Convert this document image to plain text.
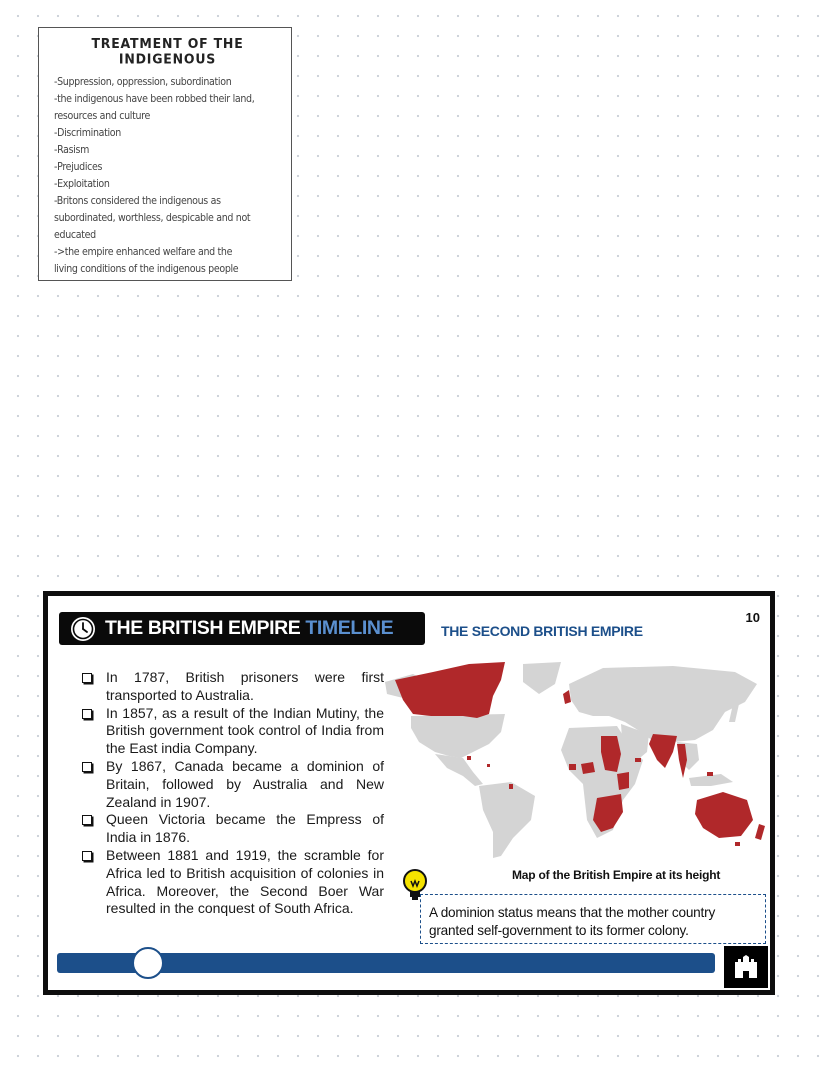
TREATMENT OF THE INDIGENOUS
-Suppression, oppression, subordination
-the indigenous have been robbed their land,
resources and culture
-Discrimination
-Rasism
-Prejudices
-Exploitation
-Britons considered the indigenous as
subordinated, worthless, despicable and not
educated
->the empire enhanced welfare and the
living conditions of the indigenous people
10
THE BRITISH EMPIRE TIMELINE	THE SECOND BRITISH EMPIRE
In 1787, British prisoners were first transported to Australia.
In 1857, as a result of the Indian Mutiny, the British government took control of India from the East india Company.
By 1867, Canada became a dominion of Britain, followed by Australia and New Zealand in 1907.
Queen Victoria became the Empress of India in 1876.
Between 1881 and 1919, the scramble for Africa led to British acquisition of colonies in Africa. Moreover, the Second Boer War resulted in the conquest of South Africa.
Map of the British Empire at its height
A dominion status means that the mother country granted self-government to its former colony.
